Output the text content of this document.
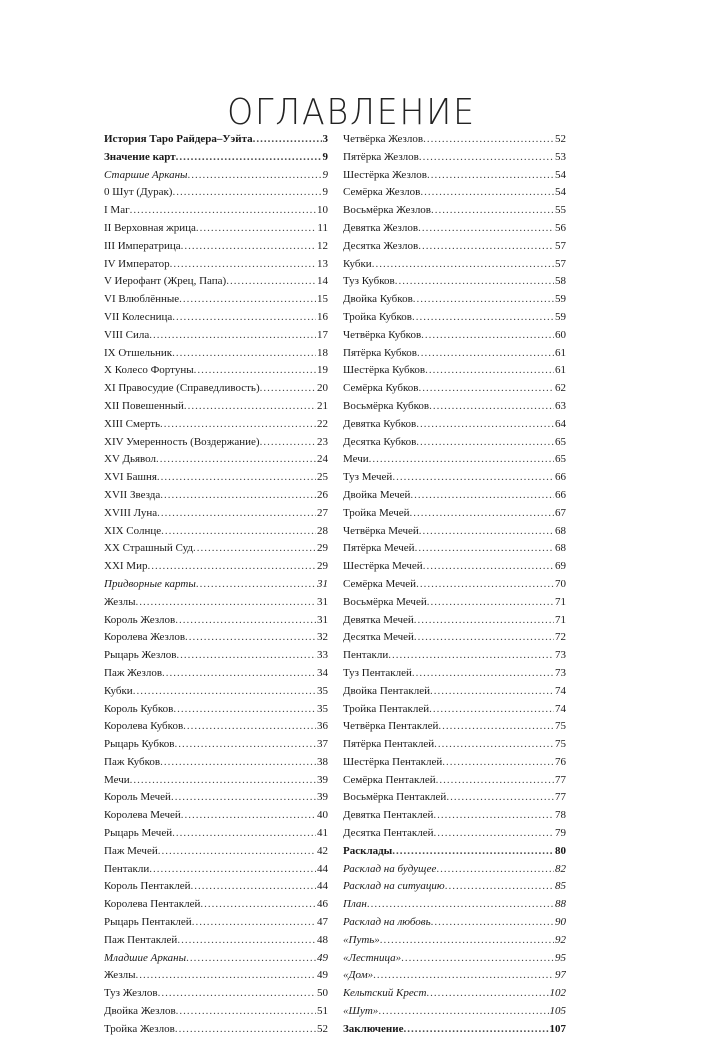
ОГЛАВЛЕНИЕ
История Таро Райдера–Уэйта .....	3
Значение карт .....	9
Старшие Арканы .....	9
0 Шут (Дурак) .....	9
I Маг .....	10
II Верховная жрица .....	11
III Императрица .....	12
IV Император .....	13
V Иерофант (Жрец, Папа) .....	14
VI Влюблённые .....	15
VII Колесница .....	16
VIII Сила .....	17
IX Отшельник .....	18
X Колесо Фортуны .....	19
XI Правосудие (Справедливость) .....	20
XII Повешенный .....	21
XIII Смерть .....	22
XIV Умеренность (Воздержание) .....	23
XV Дьявол .....	24
XVI Башня .....	25
XVII Звезда .....	26
XVIII Луна .....	27
XIX Солнце .....	28
XX Страшный Суд .....	29
XXI Мир .....	29
Придворные карты .....	31
Жезлы .....	31
Король Жезлов .....	31
Королева Жезлов .....	32
Рыцарь Жезлов .....	33
Паж Жезлов .....	34
Кубки .....	35
Король Кубков .....	35
Королева Кубков .....	36
Рыцарь Кубков .....	37
Паж Кубков .....	38
Мечи .....	39
Король Мечей .....	39
Королева Мечей .....	40
Рыцарь Мечей .....	41
Паж Мечей .....	42
Пентакли .....	44
Король Пентаклей .....	44
Королева Пентаклей .....	46
Рыцарь Пентаклей .....	47
Паж Пентаклей .....	48
Младшие Арканы .....	49
Жезлы .....	49
Туз Жезлов .....	50
Двойка Жезлов .....	51
Тройка Жезлов .....	52
Четвёрка Жезлов .....	52
Пятёрка Жезлов .....	53
Шестёрка Жезлов .....	54
Семёрка Жезлов .....	54
Восьмёрка Жезлов .....	55
Девятка Жезлов .....	56
Десятка Жезлов .....	57
Кубки .....	57
Туз Кубков .....	58
Двойка Кубков .....	59
Тройка Кубков .....	59
Четвёрка Кубков .....	60
Пятёрка Кубков .....	61
Шестёрка Кубков .....	61
Семёрка Кубков .....	62
Восьмёрка Кубков .....	63
Девятка Кубков .....	64
Десятка Кубков .....	65
Мечи .....	65
Туз Мечей .....	66
Двойка Мечей .....	66
Тройка Мечей .....	67
Четвёрка Мечей .....	68
Пятёрка Мечей .....	68
Шестёрка Мечей .....	69
Семёрка Мечей .....	70
Восьмёрка Мечей .....	71
Девятка Мечей .....	71
Десятка Мечей .....	72
Пентакли .....	73
Туз Пентаклей .....	73
Двойка Пентаклей .....	74
Тройка Пентаклей .....	74
Четвёрка Пентаклей .....	75
Пятёрка Пентаклей .....	75
Шестёрка Пентаклей .....	76
Семёрка Пентаклей .....	77
Восьмёрка Пентаклей .....	77
Девятка Пентаклей .....	78
Десятка Пентаклей .....	79
Расклады .....	80
Расклад на будущее .....	82
Расклад на ситуацию .....	85
План .....	88
Расклад на любовь .....	90
«Путь» .....	92
«Лестница» .....	95
«Дом» .....	97
Кельтский Крест .....	102
«Шут» .....	105
Заключение .....	107
